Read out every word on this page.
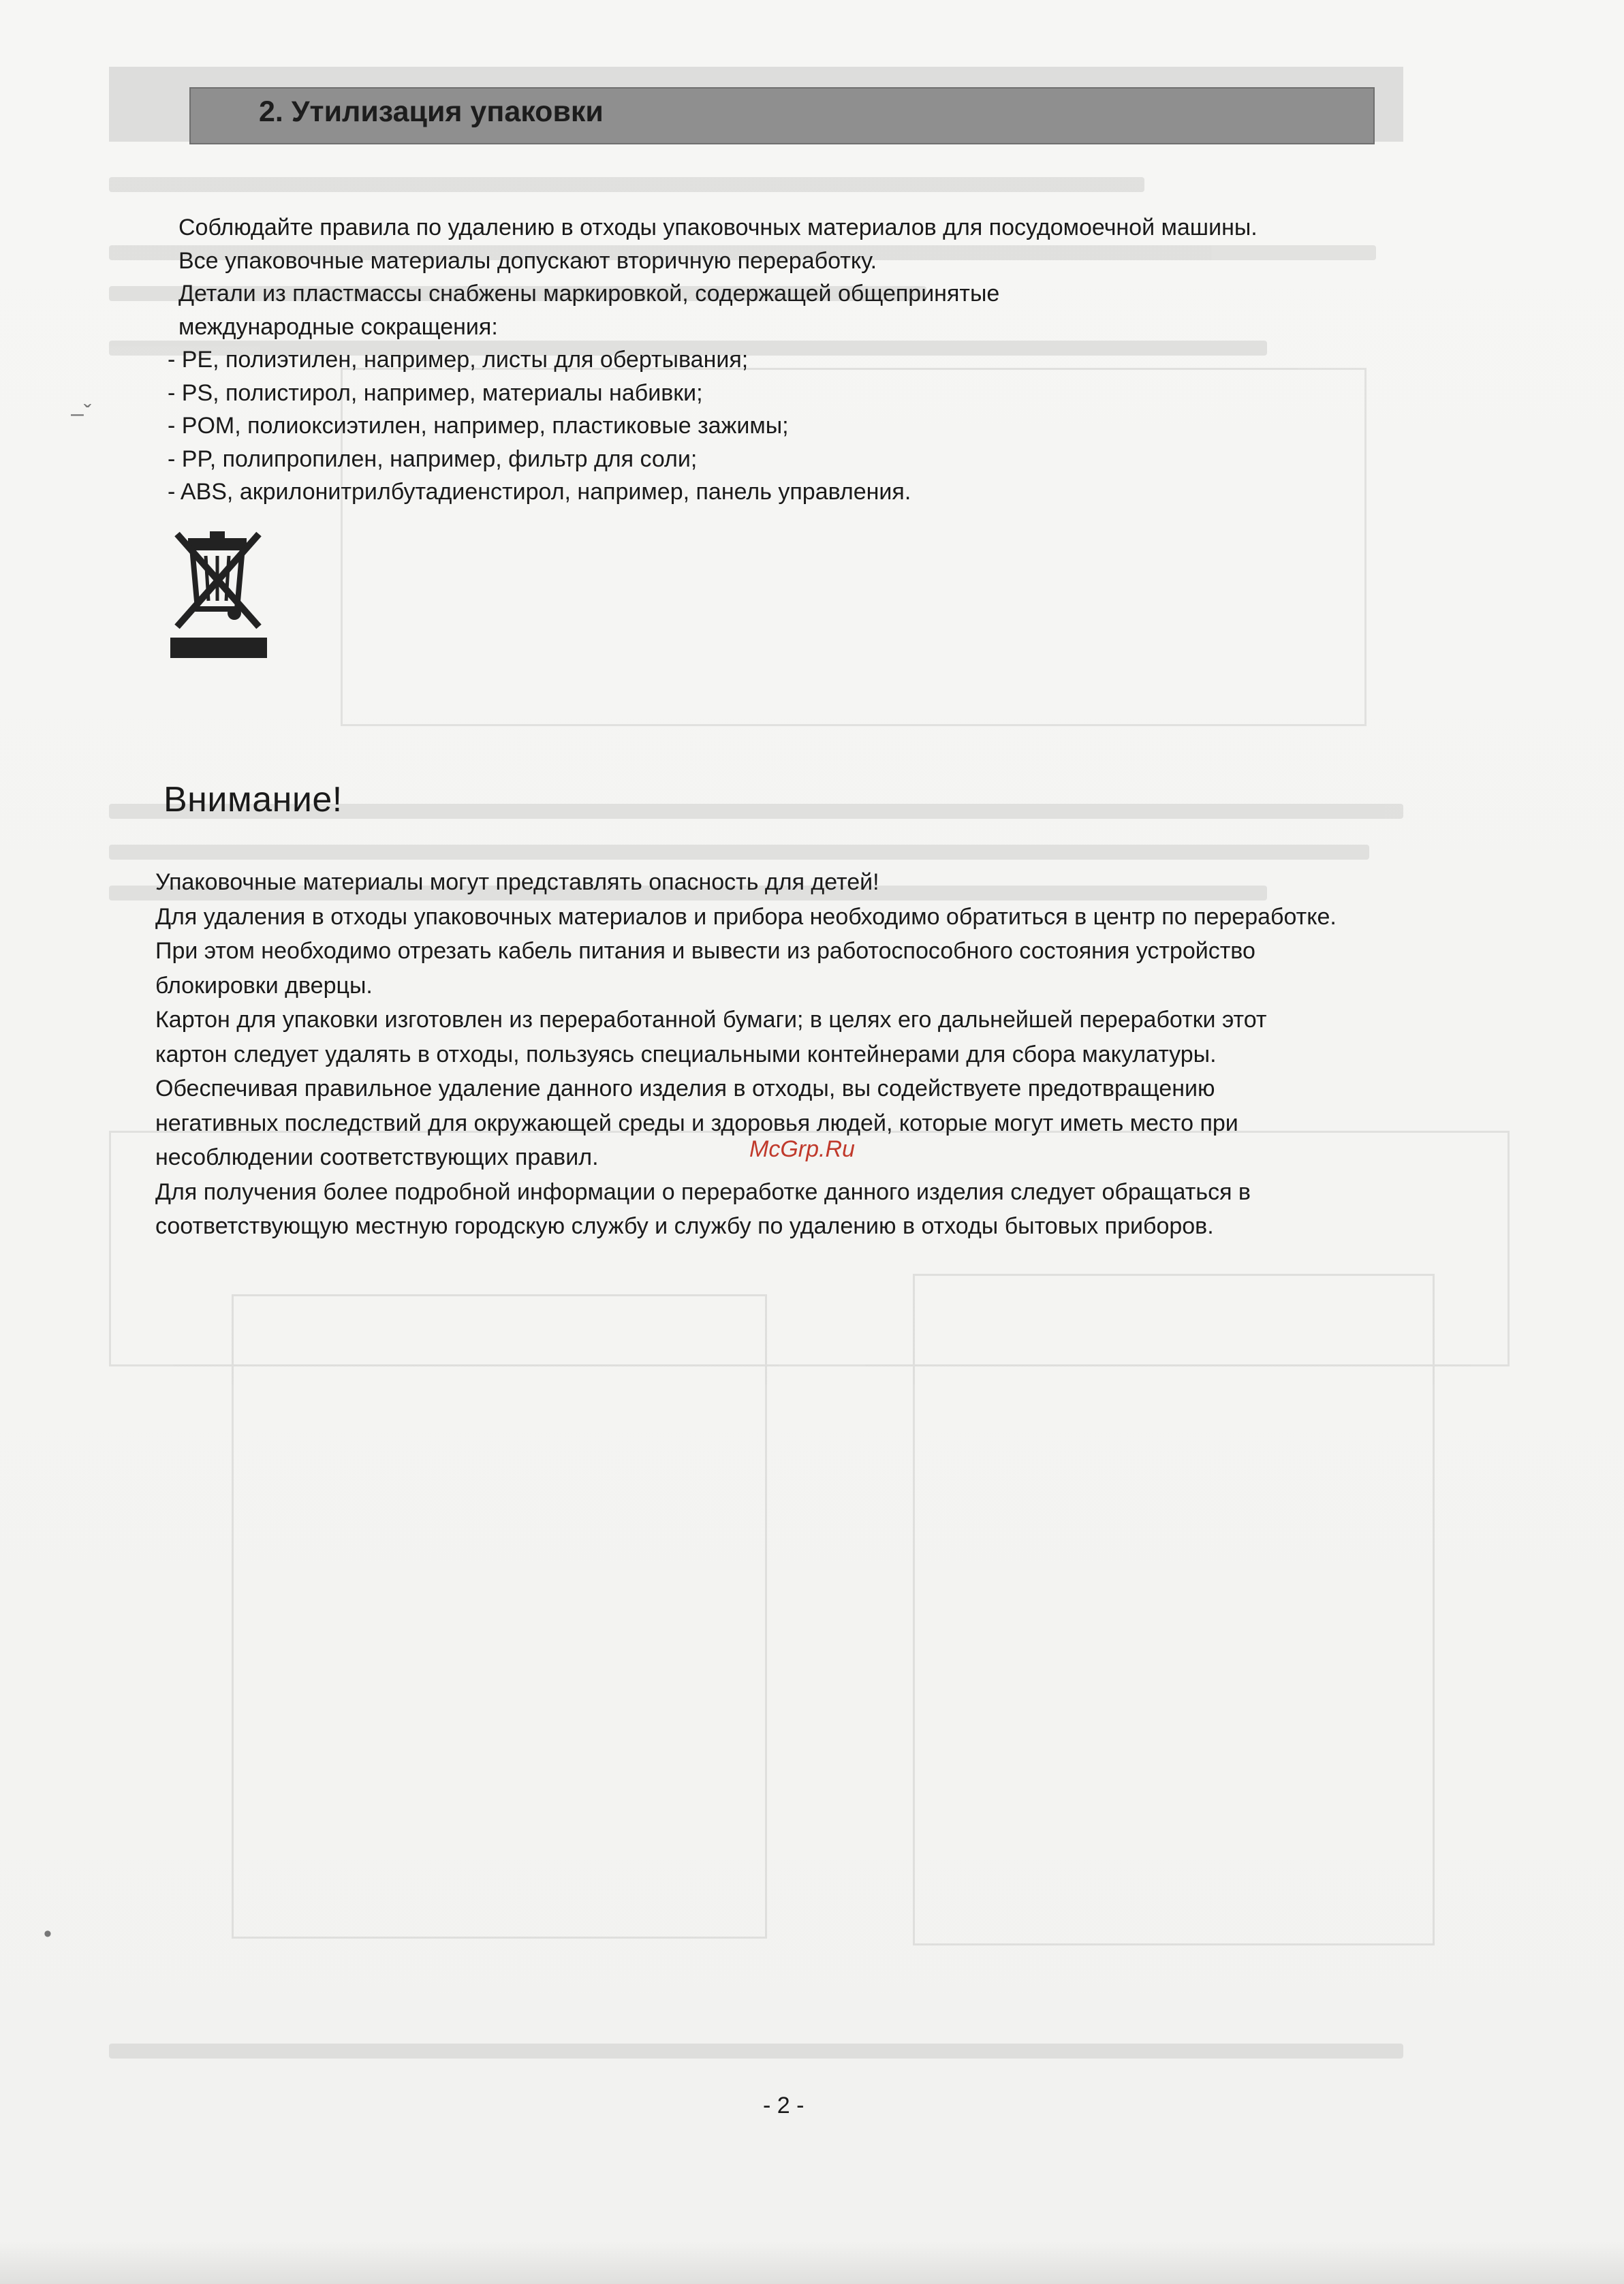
2. Утилизация упаковки
Соблюдайте правила по удалению в отходы упаковочных материалов для посудомоечной машины.
Все упаковочные материалы допускают вторичную переработку.
Детали из пластмассы снабжены маркировкой, содержащей общепринятые
международные сокращения:
- PE, полиэтилен, например, листы для обертывания;
- PS, полистирол, например, материалы набивки;
- POM, полиоксиэтилен, например, пластиковые зажимы;
- PP, полипропилен, например, фильтр для соли;
- ABS, акрилонитрилбутадиенстирол, например, панель управления.
Внимание!
Упаковочные материалы могут представлять опасность для детей!
Для удаления в отходы упаковочных материалов и прибора необходимо обратиться в центр по переработке.
При этом необходимо отрезать кабель питания и вывести из работоспособного состояния устройство
блокировки дверцы.
Картон для упаковки изготовлен из переработанной бумаги; в целях его дальнейшей переработки этот
картон следует удалять в отходы, пользуясь специальными контейнерами для сбора макулатуры.
Обеспечивая правильное удаление данного изделия в отходы, вы содействуете предотвращению
негативных последствий для окружающей среды и здоровья людей, которые могут иметь место при
несоблюдении соответствующих правил.
Для получения более подробной информации о переработке данного изделия следует обращаться в
соответствующую местную городскую службу и службу по удалению в отходы бытовых приборов.
McGrp.Ru
–ˇ
•
- 2 -
